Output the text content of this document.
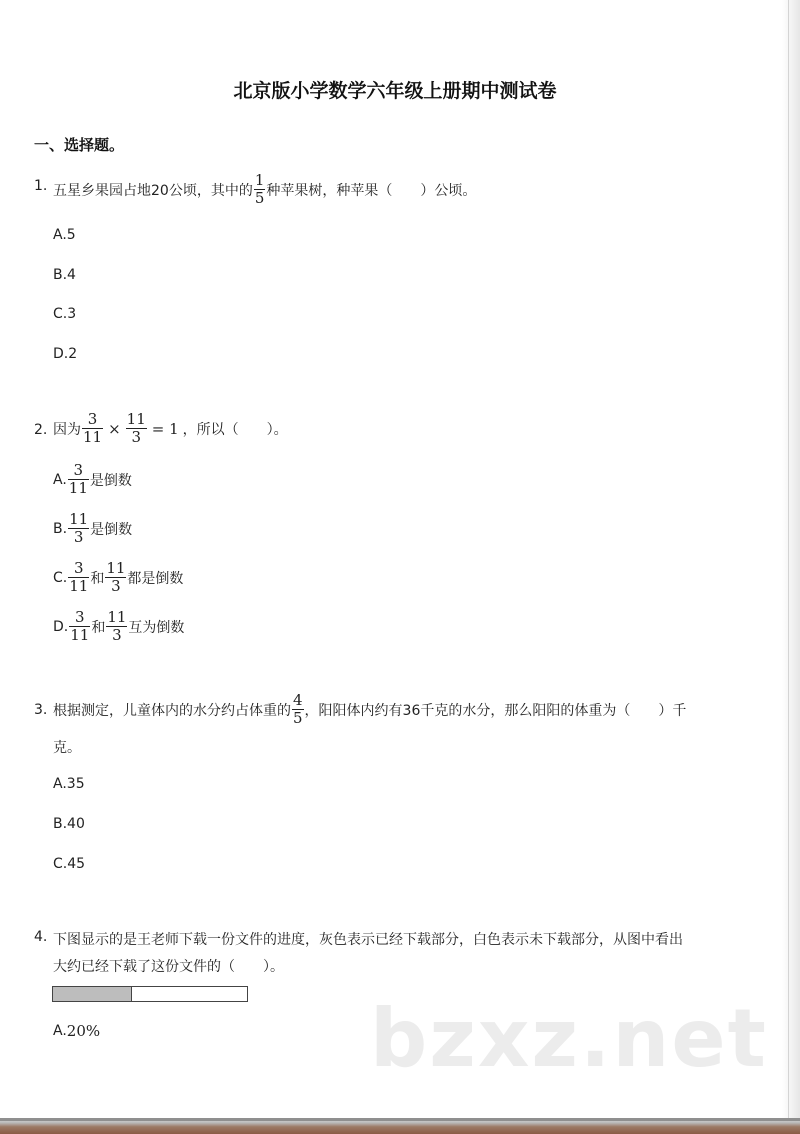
北京版小学数学六年级上册期中测试卷
一、选择题。
1. 五星乡果园占地20公顷，其中的 $\frac{1}{5}$ 种苹果树，种苹果（　　）公顷。
A.5
B.4
C.3
D.2
2. 因为 $\frac{3}{11} \times \frac{11}{3} = 1$ ，所以（　　）。
A. $\frac{3}{11}$ 是倒数
B. $\frac{11}{3}$ 是倒数
C. $\frac{3}{11}$ 和 $\frac{11}{3}$ 都是倒数
D. $\frac{3}{11}$ 和 $\frac{11}{3}$ 互为倒数
3. 根据测定，儿童体内的水分约占体重的 $\frac{4}{5}$ ，阳阳体内约有36千克的水分，那么阳阳的体重为（　　）千
克。
A.35
B.40
C.45
4. 下图显示的是王老师下载一份文件的进度，灰色表示已经下载部分，白色表示未下载部分，从图中看出
大约已经下载了这份文件的（　　）。
bzxz.net
A. 20%
